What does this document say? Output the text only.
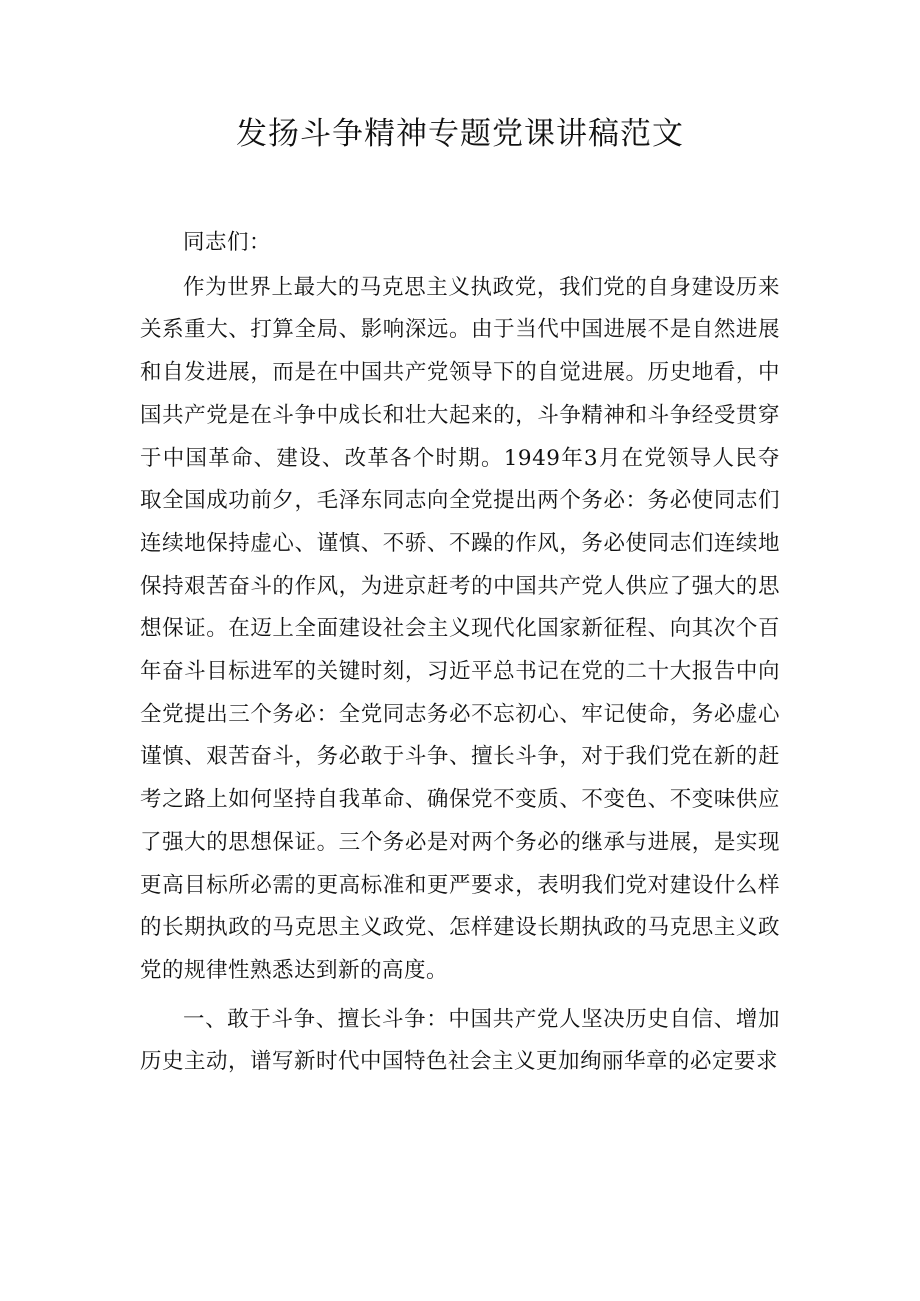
发扬斗争精神专题党课讲稿范文

同志们：

作为世界上最大的马克思主义执政党，我们党的自身建设历来关系重大、打算全局、影响深远。由于当代中国进展不是自然进展和自发进展，而是在中国共产党领导下的自觉进展。历史地看，中国共产党是在斗争中成长和壮大起来的，斗争精神和斗争经受贯穿于中国革命、建设、改革各个时期。1949年3月在党领导人民夺取全国成功前夕，毛泽东同志向全党提出两个务必：务必使同志们连续地保持虚心、谨慎、不骄、不躁的作风，务必使同志们连续地保持艰苦奋斗的作风，为进京赶考的中国共产党人供应了强大的思想保证。在迈上全面建设社会主义现代化国家新征程、向其次个百年奋斗目标进军的关键时刻，习近平总书记在党的二十大报告中向全党提出三个务必：全党同志务必不忘初心、牢记使命，务必虚心谨慎、艰苦奋斗，务必敢于斗争、擅长斗争，对于我们党在新的赶考之路上如何坚持自我革命、确保党不变质、不变色、不变味供应了强大的思想保证。三个务必是对两个务必的继承与进展，是实现更高目标所必需的更高标准和更严要求，表明我们党对建设什么样的长期执政的马克思主义政党、怎样建设长期执政的马克思主义政党的规律性熟悉达到新的高度。

一、敢于斗争、擅长斗争：中国共产党人坚决历史自信、增加历史主动，谱写新时代中国特色社会主义更加绚丽华章的必定要求
